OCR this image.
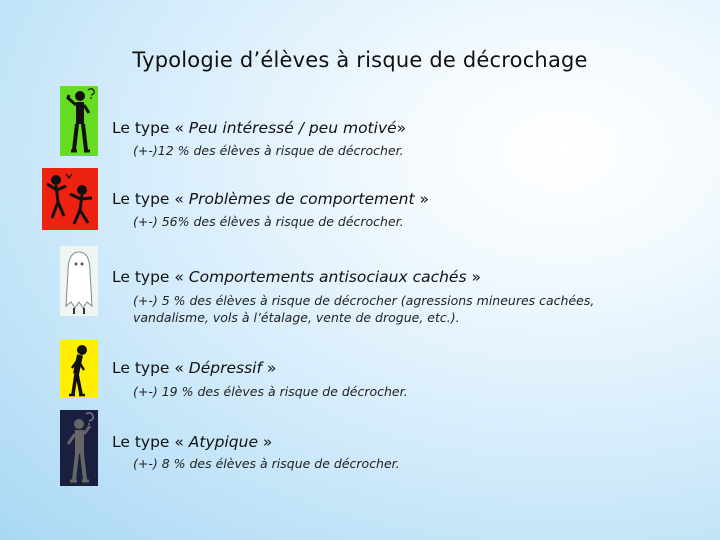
Typologie d’élèves à risque de décrochage
Le type « Peu intéressé / peu motivé»
(+-)12 % des élèves à risque de décrocher.
Le type « Problèmes de comportement »
(+-) 56% des élèves à risque de décrocher.
Le type « Comportements antisociaux cachés »
(+-) 5 % des élèves à risque de décrocher (agressions mineures cachées, vandalisme, vols à l’étalage, vente de drogue, etc.).
Le type « Dépressif »
(+-) 19 % des élèves à risque de décrocher.
Le type « Atypique »
(+-) 8 % des élèves à risque de décrocher.
